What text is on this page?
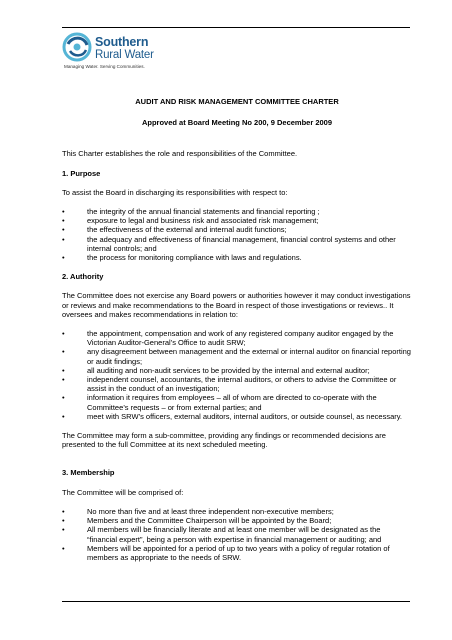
Southern
Rural Water
Managing Water. Serving Communities.

AUDIT AND RISK MANAGEMENT COMMITTEE CHARTER

Approved at Board Meeting No 200, 9 December 2009

This Charter establishes the role and responsibilities of the Committee.

1. Purpose

To assist the Board in discharging its responsibilities with respect to:

• the integrity of the annual financial statements and financial reporting ;
• exposure to legal and business risk and associated risk management;
• the effectiveness of the external and internal audit functions;
• the adequacy and effectiveness of financial management, financial control systems and other internal controls; and
• the process for monitoring compliance with laws and regulations.
2. Authority

The Committee does not exercise any Board powers or authorities however it may conduct investigations or reviews and make recommendations to the Board in respect of those investigations or reviews.. It oversees and makes recommendations in relation to:

• the appointment, compensation and work of any registered company auditor engaged by the Victorian Auditor-General’s Office to audit SRW;
• any disagreement between management and the external or internal auditor on financial reporting or audit findings;
• all auditing and non-audit services to be provided by the internal and external auditor;
• independent counsel, accountants, the internal auditors, or others to advise the Committee or assist in the conduct of an investigation;
• information it requires from employees – all of whom are directed to co-operate with the Committee’s requests – or from external parties; and
• meet with SRW’s officers, external auditors, internal auditors, or outside counsel, as necessary.

The Committee may form a sub-committee, providing any findings or recommended decisions are presented to the full Committee at its next scheduled meeting.

3. Membership

The Committee will be comprised of:

• No more than five and at least three independent non-executive members;
• Members and the Committee Chairperson will be appointed by the Board;
• All members will be financially literate and at least one member will be designated as the “financial expert”, being a person with expertise in financial management or auditing; and
• Members will be appointed for a period of up to two years with a policy of regular rotation of members as appropriate to the needs of SRW.
